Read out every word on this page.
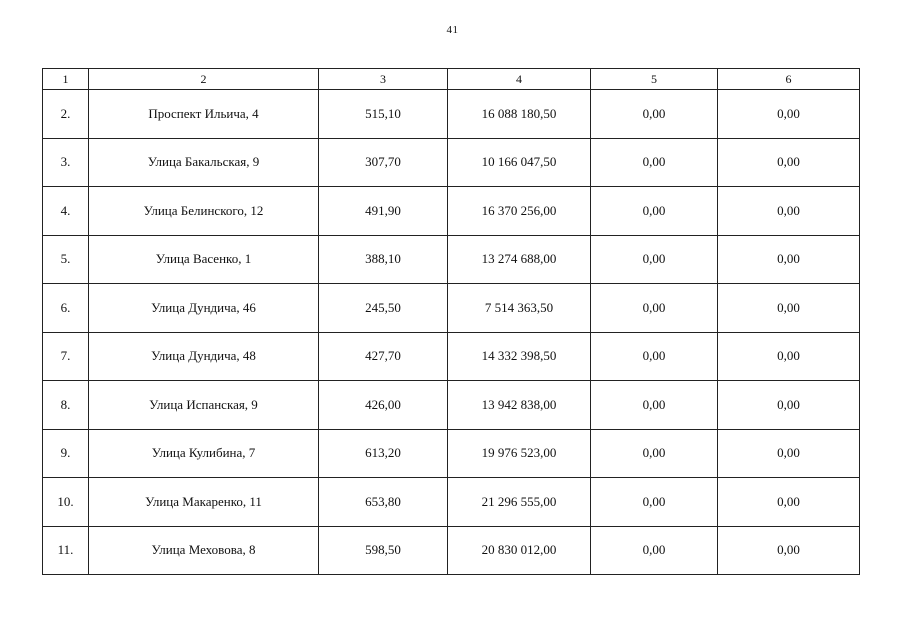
41
1	2	3	4	5	6
2.	Проспект Ильича, 4	515,10	16 088 180,50	0,00	0,00
3.	Улица Бакальская, 9	307,70	10 166 047,50	0,00	0,00
4.	Улица Белинского, 12	491,90	16 370 256,00	0,00	0,00
5.	Улица Васенко, 1	388,10	13 274 688,00	0,00	0,00
6.	Улица Дундича, 46	245,50	7 514 363,50	0,00	0,00
7.	Улица Дундича, 48	427,70	14 332 398,50	0,00	0,00
8.	Улица Испанская, 9	426,00	13 942 838,00	0,00	0,00
9.	Улица Кулибина, 7	613,20	19 976 523,00	0,00	0,00
10.	Улица Макаренко, 11	653,80	21 296 555,00	0,00	0,00
11.	Улица Меховова, 8	598,50	20 830 012,00	0,00	0,00
